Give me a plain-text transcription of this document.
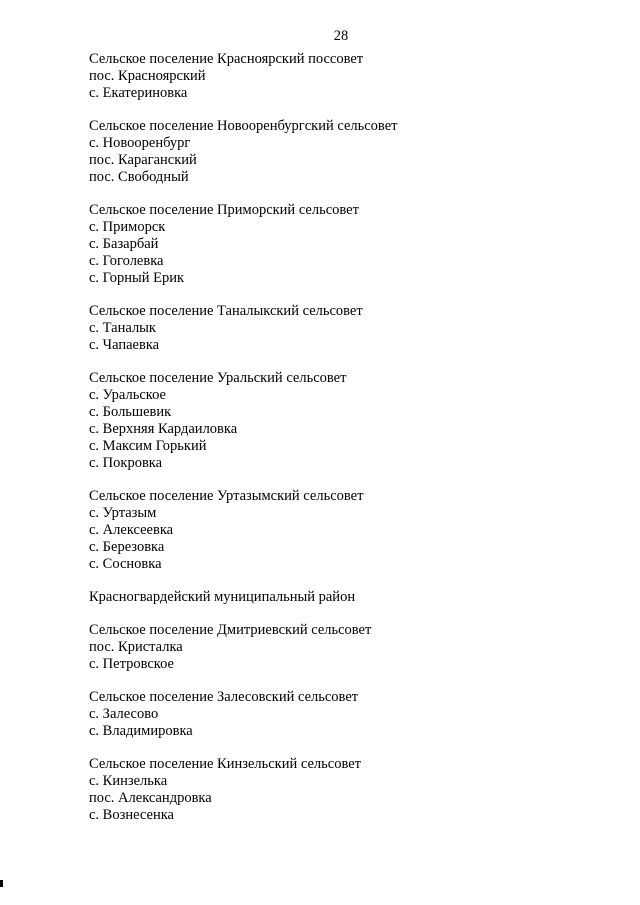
28
Сельское поселение Красноярский поссовет
пос. Красноярский
с. Екатериновка
Сельское поселение Новооренбургский сельсовет
с. Новооренбург
пос. Караганский
пос. Свободный
Сельское поселение Приморский сельсовет
с. Приморск
с. Базарбай
с. Гоголевка
с. Горный Ерик
Сельское поселение Таналыкский сельсовет
с. Таналык
с. Чапаевка
Сельское поселение Уральский сельсовет
с. Уральское
с. Большевик
с. Верхняя Кардаиловка
с. Максим Горький
с. Покровка
Сельское поселение Уртазымский сельсовет
с. Уртазым
с. Алексеевка
с. Березовка
с. Сосновка
Красногвардейский муниципальный район
Сельское поселение Дмитриевский сельсовет
пос. Кристалка
с. Петровское
Сельское поселение Залесовский сельсовет
с. Залесово
с. Владимировка
Сельское поселение Кинзельский сельсовет
с. Кинзелька
пос. Александровка
с. Вознесенка
